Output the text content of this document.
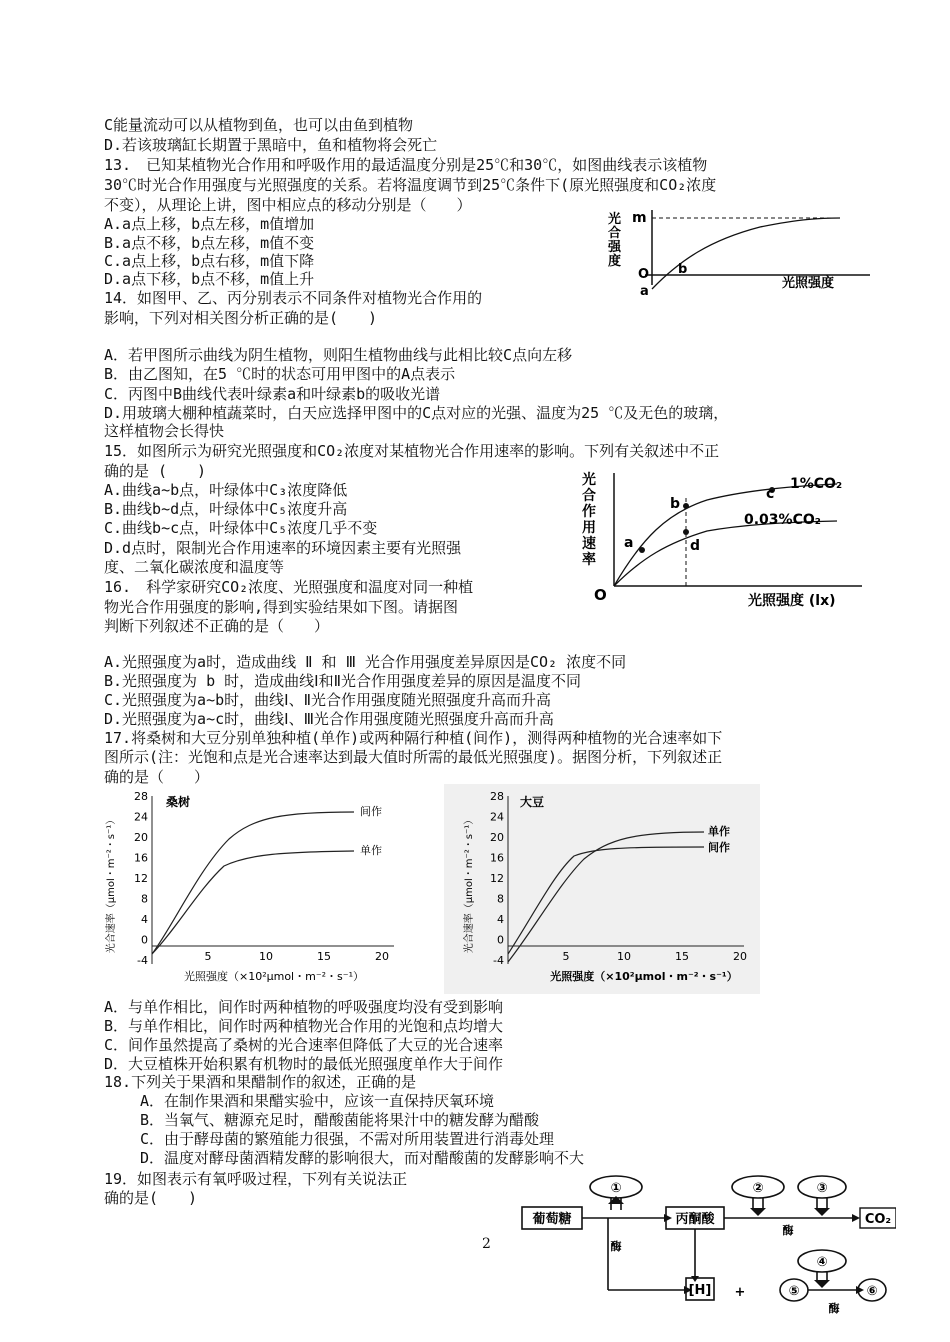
C能量流动可以从植物到鱼，也可以由鱼到植物
D.若该玻璃缸长期置于黑暗中，鱼和植物将会死亡
13.　已知某植物光合作用和呼吸作用的最适温度分别是25℃和30℃，如图曲线表示该植物
30℃时光合作用强度与光照强度的关系。若将温度调节到25℃条件下(原光照强度和CO₂浓度
不变），从理论上讲，图中相应点的移动分别是（　　）
A.a点上移，b点左移，m值增加
B.a点不移，b点左移，m值不变
C.a点上移，b点右移，m值下降
D.a点下移，b点不移，m值上升
14．如图甲、乙、丙分别表示不同条件对植物光合作用的
影响，下列对相关图分析正确的是(　　)
A．若甲图所示曲线为阴生植物，则阳生植物曲线与此相比较C点向左移
B．由乙图知，在5 ℃时的状态可用甲图中的A点表示
C．丙图中B曲线代表叶绿素a和叶绿素b的吸收光谱
D.用玻璃大棚种植蔬菜时，白天应选择甲图中的C点对应的光强、温度为25 ℃及无色的玻璃，
这样植物会长得快
15．如图所示为研究光照强度和CO₂浓度对某植物光合作用速率的影响。下列有关叙述中不正
确的是 (　　)
A.曲线a~b点，叶绿体中C₃浓度降低
B.曲线b~d点，叶绿体中C₅浓度升高
C.曲线b~c点，叶绿体中C₅浓度几乎不变
D.d点时，限制光合作用速率的环境因素主要有光照强
度、二氧化碳浓度和温度等
16.　科学家研究CO₂浓度、光照强度和温度对同一种植
物光合作用强度的影响,得到实验结果如下图。请据图
判断下列叙述不正确的是（　　）
A.光照强度为a时，造成曲线 Ⅱ 和 Ⅲ 光合作用强度差异原因是CO₂ 浓度不同
B.光照强度为 b 时，造成曲线Ⅰ和Ⅱ光合作用强度差异的原因是温度不同
C.光照强度为a~b时，曲线Ⅰ、Ⅱ光合作用强度随光照强度升高而升高
D.光照强度为a~c时，曲线Ⅰ、Ⅲ光合作用强度随光照强度升高而升高
17.将桑树和大豆分别单独种植(单作)或两种隔行种植(间作)，测得两种植物的光合速率如下
图所示(注：光饱和点是光合速率达到最大值时所需的最低光照强度)。据图分析，下列叙述正
确的是（　　）
A．与单作相比，间作时两种植物的呼吸强度均没有受到影响
B．与单作相比，间作时两种植物光合作用的光饱和点均增大
C．间作虽然提高了桑树的光合速率但降低了大豆的光合速率
D．大豆植株开始积累有机物时的最低光照强度单作大于间作
18.下列关于果酒和果醋制作的叙述，正确的是
A．在制作果酒和果醋实验中，应该一直保持厌氧环境
B．当氧气、糖源充足时，醋酸菌能将果汁中的糖发酵为醋酸
C．由于酵母菌的繁殖能力很强，不需对所用装置进行消毒处理
D．温度对酵母菌酒精发酵的影响很大，而对醋酸菌的发酵影响不大
19．如图表示有氧呼吸过程，下列有关说法正
确的是(　　)
2
光
合
强
度
m
O
a
b
光照强度
光
合
作
用
速
率
a
b
c
d
1%CO₂
0.03%CO₂
O	光照强度 (lx)
光合速率（μmol・m⁻²・s⁻¹）
28
24
20
16
12
8
4
0
-4	5	10	15	20
桑树
间作
单作
光照强度（×10²μmol・m⁻²・s⁻¹）
光合速率（μmol・m⁻²・s⁻¹）
28
24
20
16
12
8
4
0
-4	5	10	15	20
大豆
单作
间作
光照强度（×10²μmol・m⁻²・s⁻¹）
葡萄糖	丙酮酸	CO₂
[H] +
酶
酶
酶
①	②	③
④
⑤	⑥
